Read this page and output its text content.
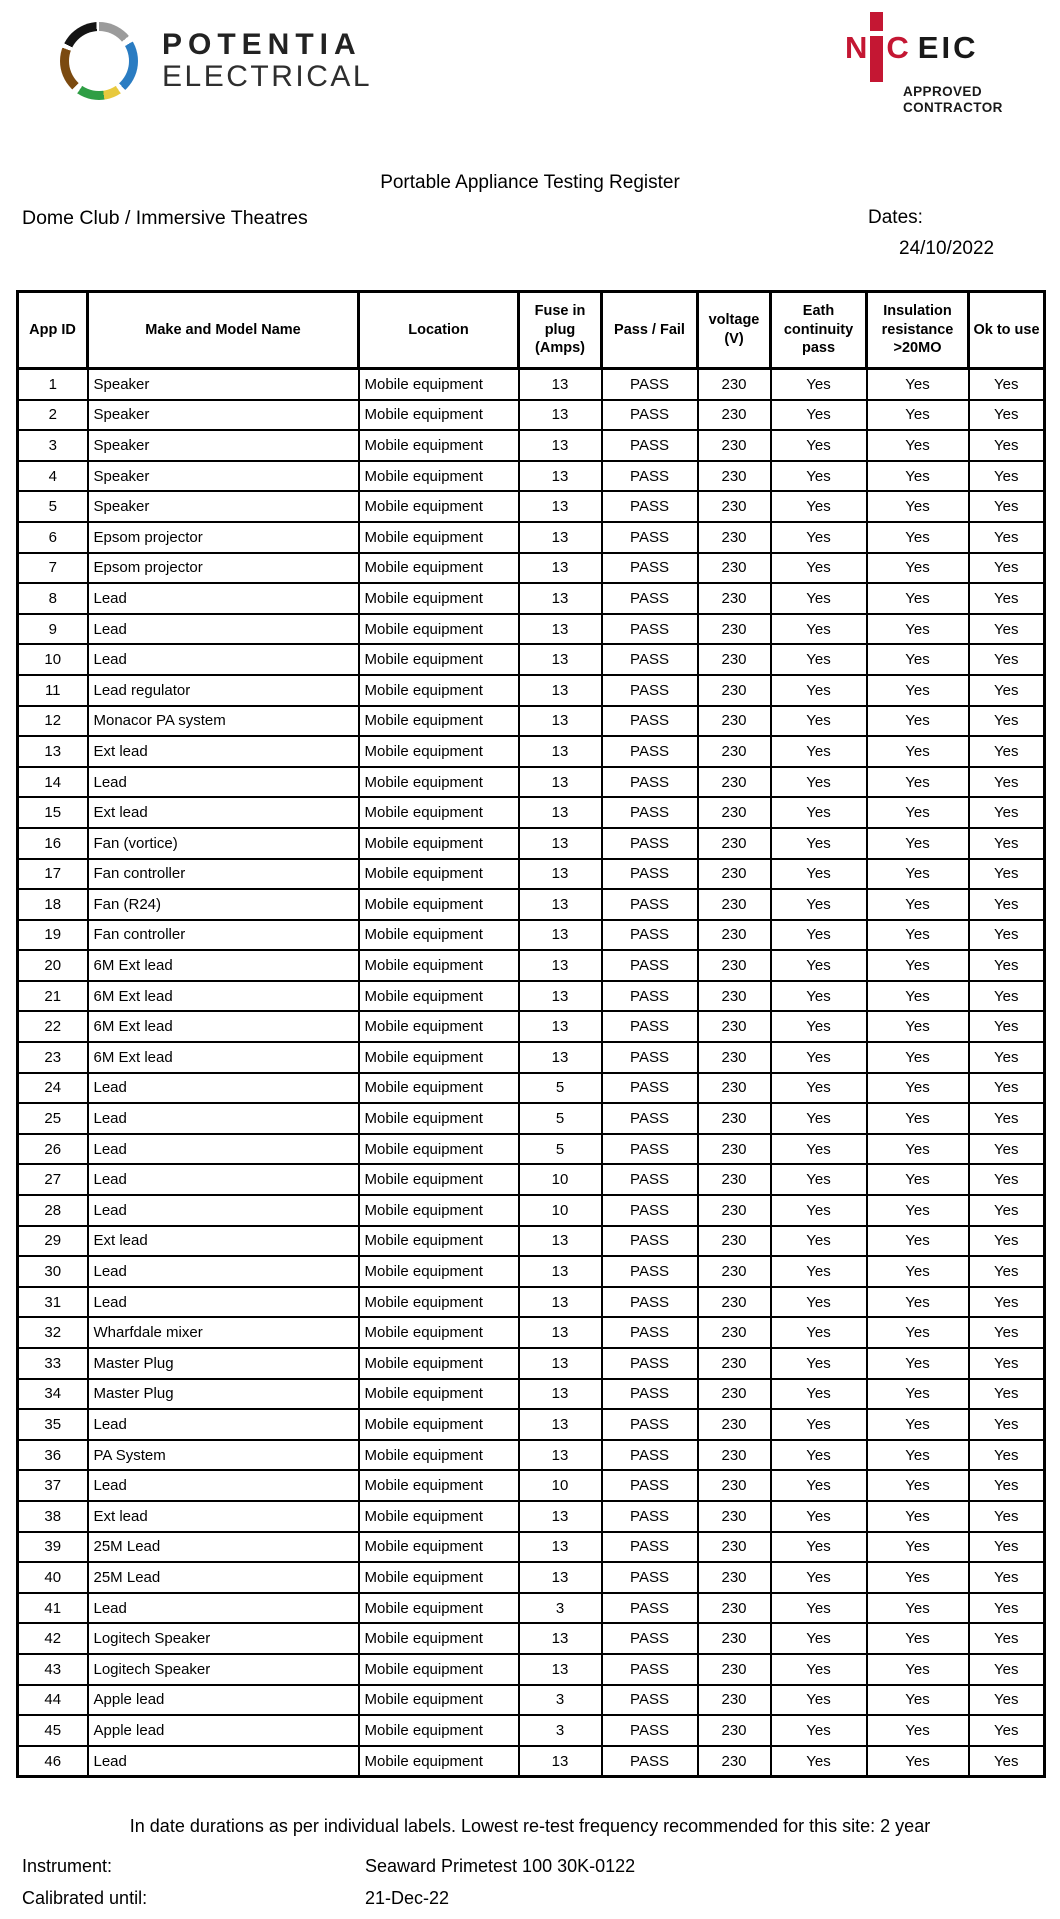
POTENTIA
ELECTRICAL
N C EIC
APPROVED
CONTRACTOR
Portable Appliance Testing Register
Dome Club / Immersive Theatres	Dates:
24/10/2022
App ID	Make and Model Name	Location	Fuse in plug (Amps)	Pass / Fail	voltage (V)	Eath continuity pass	Insulation resistance >20MO	Ok to use
1	Speaker	Mobile equipment	13	PASS	230	Yes	Yes	Yes
2	Speaker	Mobile equipment	13	PASS	230	Yes	Yes	Yes
3	Speaker	Mobile equipment	13	PASS	230	Yes	Yes	Yes
4	Speaker	Mobile equipment	13	PASS	230	Yes	Yes	Yes
5	Speaker	Mobile equipment	13	PASS	230	Yes	Yes	Yes
6	Epsom projector	Mobile equipment	13	PASS	230	Yes	Yes	Yes
7	Epsom projector	Mobile equipment	13	PASS	230	Yes	Yes	Yes
8	Lead	Mobile equipment	13	PASS	230	Yes	Yes	Yes
9	Lead	Mobile equipment	13	PASS	230	Yes	Yes	Yes
10	Lead	Mobile equipment	13	PASS	230	Yes	Yes	Yes
11	Lead regulator	Mobile equipment	13	PASS	230	Yes	Yes	Yes
12	Monacor PA system	Mobile equipment	13	PASS	230	Yes	Yes	Yes
13	Ext lead	Mobile equipment	13	PASS	230	Yes	Yes	Yes
14	Lead	Mobile equipment	13	PASS	230	Yes	Yes	Yes
15	Ext lead	Mobile equipment	13	PASS	230	Yes	Yes	Yes
16	Fan (vortice)	Mobile equipment	13	PASS	230	Yes	Yes	Yes
17	Fan controller	Mobile equipment	13	PASS	230	Yes	Yes	Yes
18	Fan (R24)	Mobile equipment	13	PASS	230	Yes	Yes	Yes
19	Fan controller	Mobile equipment	13	PASS	230	Yes	Yes	Yes
20	6M Ext lead	Mobile equipment	13	PASS	230	Yes	Yes	Yes
21	6M Ext lead	Mobile equipment	13	PASS	230	Yes	Yes	Yes
22	6M Ext lead	Mobile equipment	13	PASS	230	Yes	Yes	Yes
23	6M Ext lead	Mobile equipment	13	PASS	230	Yes	Yes	Yes
24	Lead	Mobile equipment	5	PASS	230	Yes	Yes	Yes
25	Lead	Mobile equipment	5	PASS	230	Yes	Yes	Yes
26	Lead	Mobile equipment	5	PASS	230	Yes	Yes	Yes
27	Lead	Mobile equipment	10	PASS	230	Yes	Yes	Yes
28	Lead	Mobile equipment	10	PASS	230	Yes	Yes	Yes
29	Ext lead	Mobile equipment	13	PASS	230	Yes	Yes	Yes
30	Lead	Mobile equipment	13	PASS	230	Yes	Yes	Yes
31	Lead	Mobile equipment	13	PASS	230	Yes	Yes	Yes
32	Wharfdale mixer	Mobile equipment	13	PASS	230	Yes	Yes	Yes
33	Master Plug	Mobile equipment	13	PASS	230	Yes	Yes	Yes
34	Master Plug	Mobile equipment	13	PASS	230	Yes	Yes	Yes
35	Lead	Mobile equipment	13	PASS	230	Yes	Yes	Yes
36	PA System	Mobile equipment	13	PASS	230	Yes	Yes	Yes
37	Lead	Mobile equipment	10	PASS	230	Yes	Yes	Yes
38	Ext lead	Mobile equipment	13	PASS	230	Yes	Yes	Yes
39	25M Lead	Mobile equipment	13	PASS	230	Yes	Yes	Yes
40	25M Lead	Mobile equipment	13	PASS	230	Yes	Yes	Yes
41	Lead	Mobile equipment	3	PASS	230	Yes	Yes	Yes
42	Logitech Speaker	Mobile equipment	13	PASS	230	Yes	Yes	Yes
43	Logitech Speaker	Mobile equipment	13	PASS	230	Yes	Yes	Yes
44	Apple lead	Mobile equipment	3	PASS	230	Yes	Yes	Yes
45	Apple lead	Mobile equipment	3	PASS	230	Yes	Yes	Yes
46	Lead	Mobile equipment	13	PASS	230	Yes	Yes	Yes
In date durations as per individual labels. Lowest re-test frequency recommended for this site: 2 year
Instrument:	Seaward Primetest 100 30K-0122
Calibrated until:	21-Dec-22
